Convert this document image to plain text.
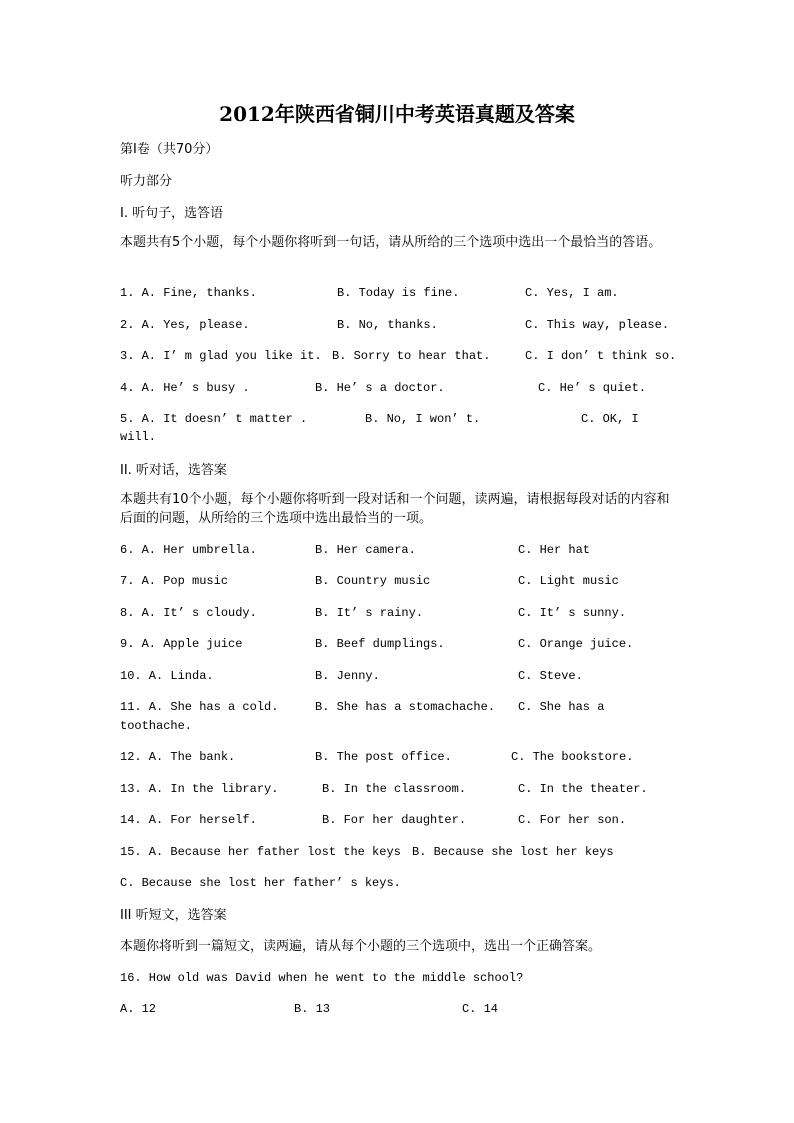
2012年陕西省铜川中考英语真题及答案
第I卷（共70分）
听力部分
I. 听句子，选答语
本题共有5个小题，每个小题你将听到一句话，请从所给的三个选项中选出一个最恰当的答语。
1. A. Fine, thanks.	B. Today is fine.	C. Yes, I am.
2. A. Yes, please.	B. No, thanks.	C. This way, please.
3. A. I’ m glad you like it. B. Sorry to hear that.	C. I don’ t think so.
4. A. He’ s busy .	B. He’ s a doctor.	C. He’ s quiet.
5. A. It doesn’ t matter .	B. No, I won’ t.	C. OK, I
will.
II. 听对话，选答案
本题共有10个小题，每个小题你将听到一段对话和一个问题，读两遍，请根据每段对话的内容和后面的问题，从所给的三个选项中选出最恰当的一项。
6. A. Her umbrella.	B. Her camera.	C. Her hat
7. A. Pop music	B. Country music	C. Light music
8. A. It’ s cloudy.	B. It’ s rainy.	C. It’ s sunny.
9. A. Apple juice	B. Beef dumplings.	C. Orange juice.
10. A. Linda.	B. Jenny.	C. Steve.
11. A. She has a cold.	B. She has a stomachache. C. She has a
toothache.
12. A. The bank.	B. The post office.	C. The bookstore.
13. A. In the library.	B. In the classroom.	C. In the theater.
14. A. For herself.	B. For her daughter.	C. For her son.
15. A. Because her father lost the keys B. Because she lost her keys
C. Because she lost her father’ s keys.
III 听短文，选答案
本题你将听到一篇短文，读两遍，请从每个小题的三个选项中，选出一个正确答案。
16. How old was David when he went to the middle school?
A. 12	B. 13	C. 14
